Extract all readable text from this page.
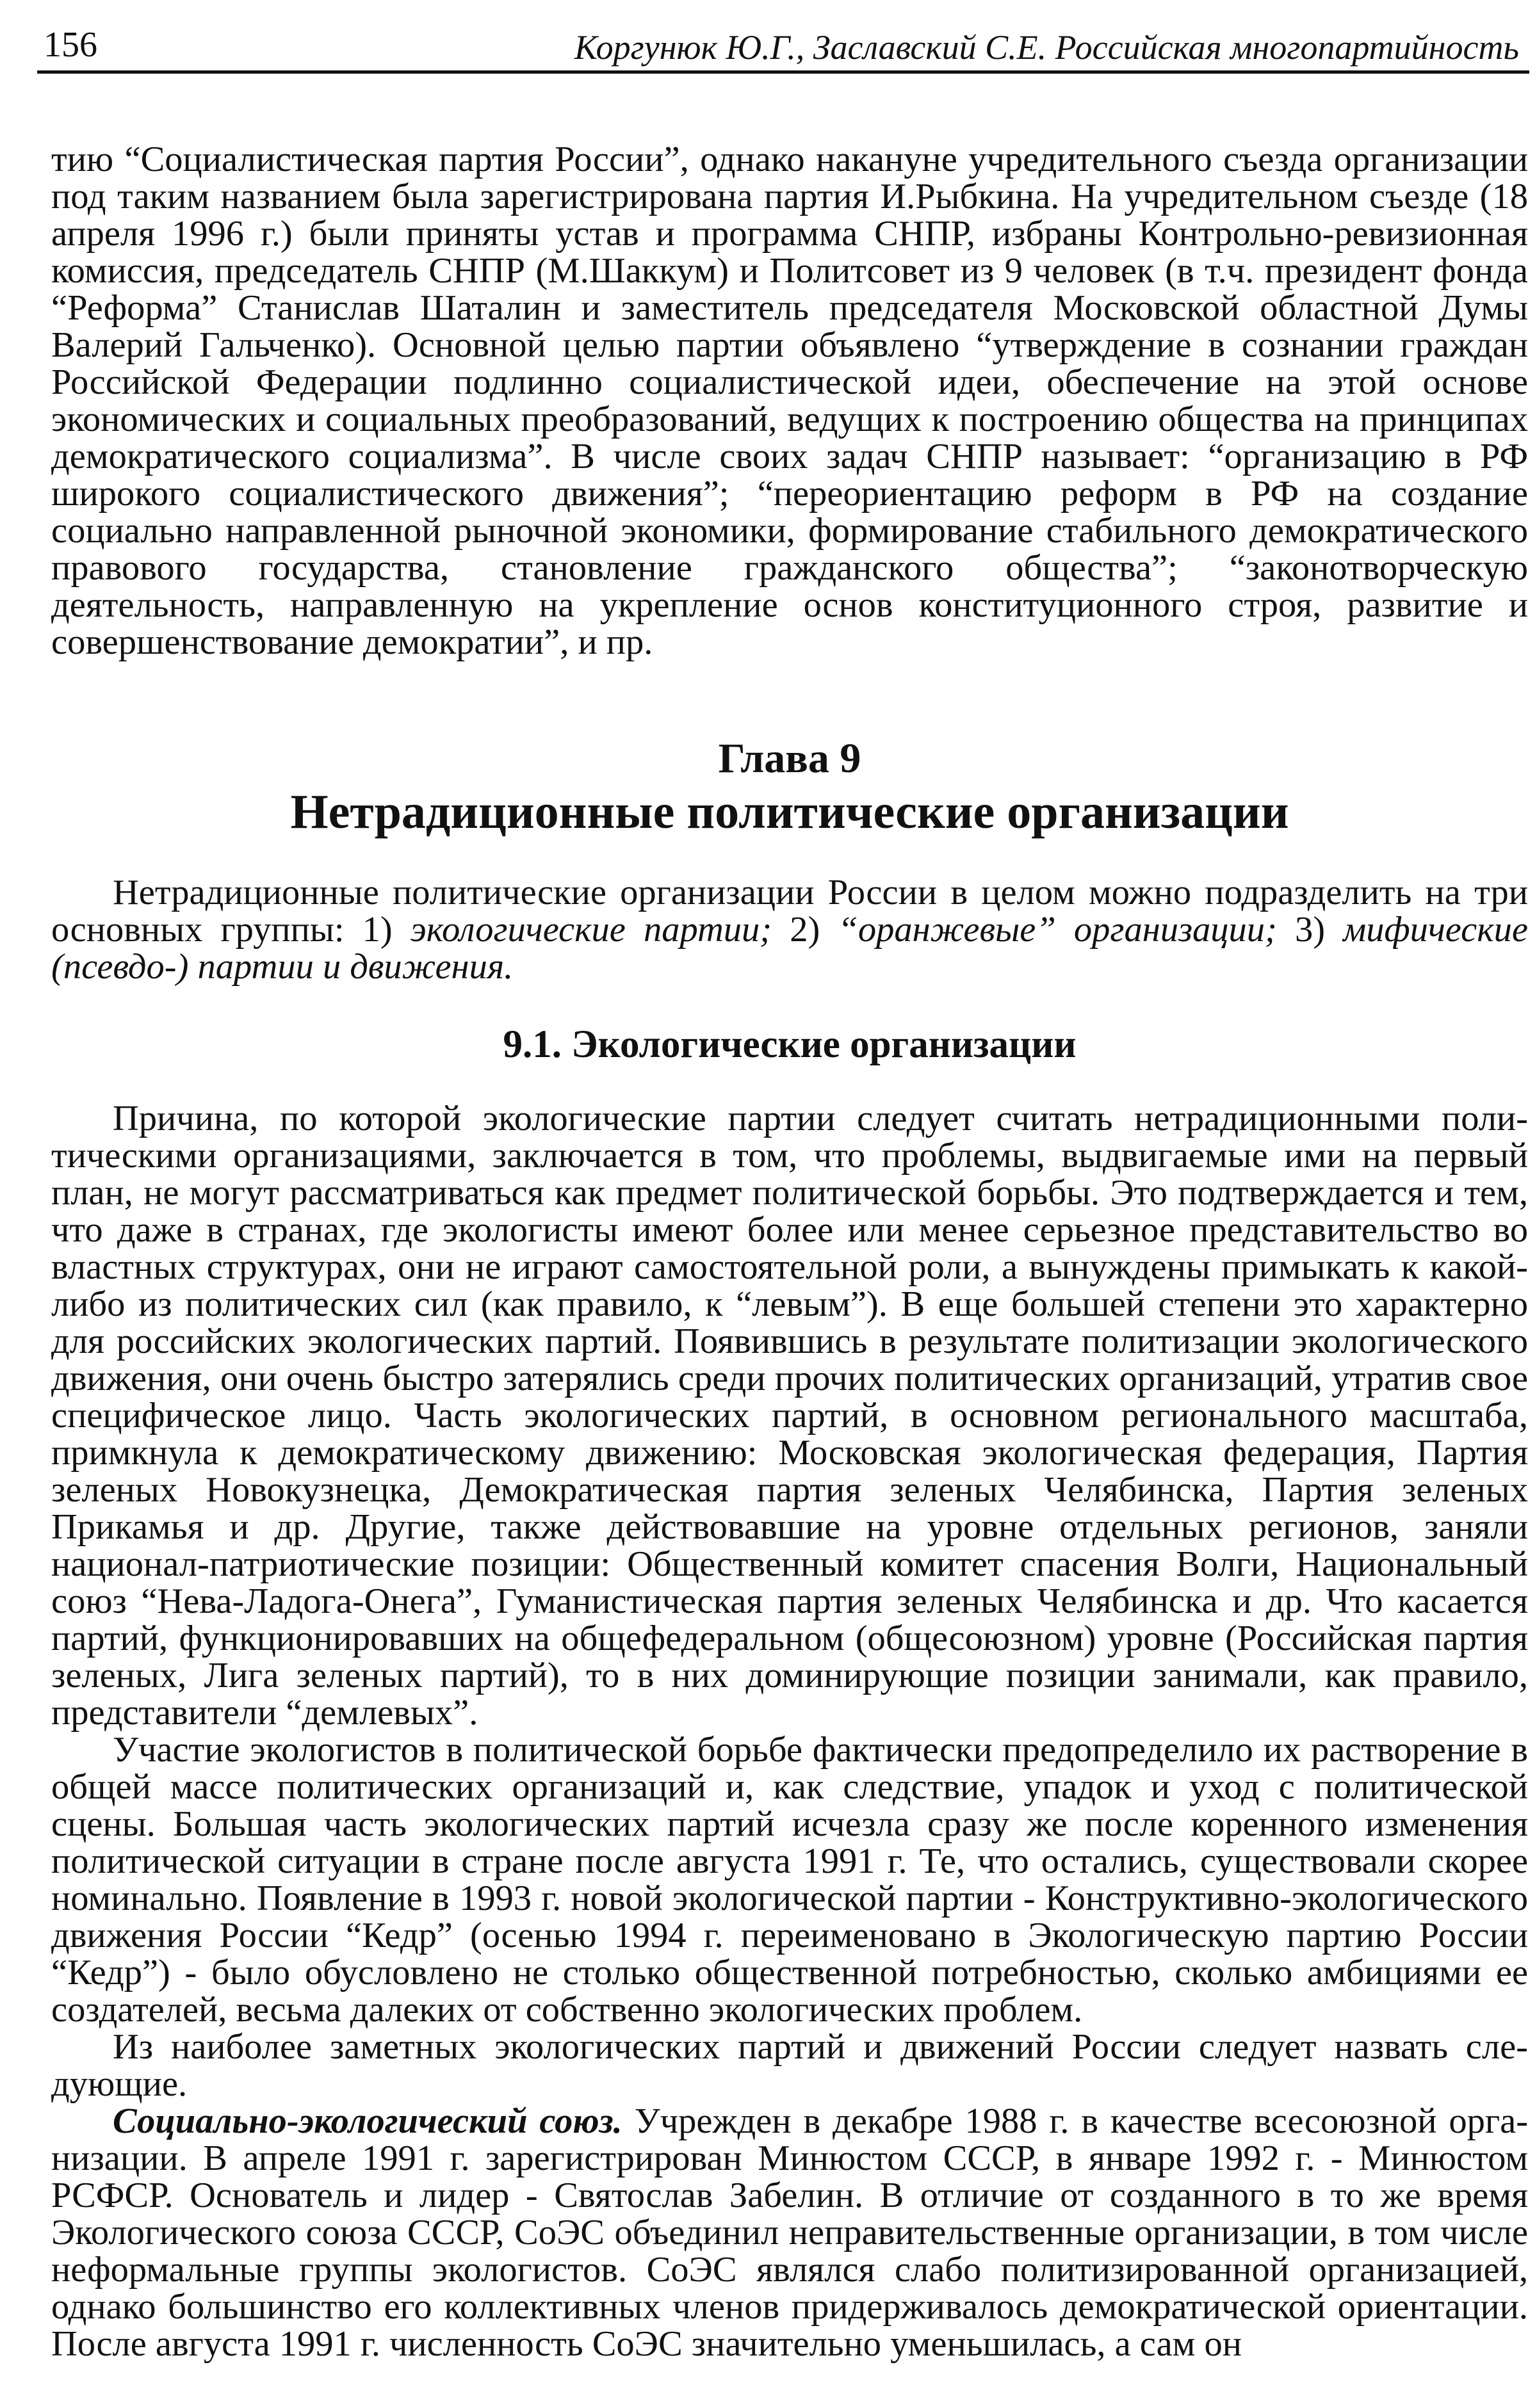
156	Коргунюк Ю.Г., Заславский С.Е. Российская многопартийность

тию “Социалистическая партия России”, однако накануне учредительного съезда организации под таким названием была зарегистрирована партия И.Рыбкина. На учредительном съезде (18 апреля 1996 г.) были приняты устав и программа СНПР, избраны Контрольно-ревизионная комиссия, председатель СНПР (М.Шаккум) и Политсовет из 9 человек (в т.ч. президент фонда “Реформа” Станислав Шаталин и заместитель председателя Московской областной Думы Валерий Гальченко). Основной целью партии объявлено “утверждение в сознании граждан Российской Федерации подлинно социалистической идеи, обеспечение на этой основе экономических и социальных преобразований, ведущих к построению общества на принципах демократического социализма”. В числе своих задач СНПР называет: “организацию в РФ широкого социалистического движения”; “переориентацию реформ в РФ на создание социально направленной рыночной экономики, формирование стабильного демократического правового государства, становление гражданского общества”; “законотворческую деятельность, направленную на укрепление основ конституционного строя, развитие и совершенствование демократии”, и пр.

Глава 9
Нетрадиционные политические организации

Нетрадиционные политические организации России в целом можно подразделить на три основных группы: 1) экологические партии; 2) “оранжевые” организации; 3) мифические (псевдо-) партии и движения.

9.1. Экологические организации

Причина, по которой экологические партии следует считать нетрадиционными политическими организациями, заключается в том, что проблемы, выдвигаемые ими на первый план, не могут рассматриваться как предмет политической борьбы. Это подтверждается и тем, что даже в странах, где экологисты имеют более или менее серьезное представительство во властных структурах, они не играют самостоятельной роли, а вынуждены примыкать к какой-либо из политических сил (как правило, к “левым”). В еще большей степени это характерно для российских экологических партий. Появившись в результате политизации экологического движения, они очень быстро затерялись среди прочих политических организаций, утратив свое специфическое лицо. Часть экологических партий, в основном регионального масштаба, примкнула к демократическому движению: Московская экологическая федерация, Партия зеленых Новокузнецка, Демократическая партия зеленых Челябинска, Партия зеленых Прикамья и др. Другие, также действовавшие на уровне отдельных регионов, заняли национал-патриотические позиции: Общественный комитет спасения Волги, Национальный союз “Нева-Ладога-Онега”, Гуманистическая партия зеленых Челябинска и др. Что касается партий, функционировавших на общефедеральном (общесоюзном) уровне (Российская партия зеленых, Лига зеленых партий), то в них доминирующие позиции занимали, как правило, представители “демлевых”.

Участие экологистов в политической борьбе фактически предопределило их растворение в общей массе политических организаций и, как следствие, упадок и уход с политической сцены. Большая часть экологических партий исчезла сразу же после коренного изменения политической ситуации в стране после августа 1991 г. Те, что остались, существовали скорее номинально. Появление в 1993 г. новой экологической партии - Конструктивно-экологического движения России “Кедр” (осенью 1994 г. переименовано в Экологическую партию России “Кедр”) - было обусловлено не столько общественной потребностью, сколько амбициями ее создателей, весьма далеких от собственно экологических проблем.

Из наиболее заметных экологических партий и движений России следует назвать следующие.

Социально-экологический союз. Учрежден в декабре 1988 г. в качестве всесоюзной организации. В апреле 1991 г. зарегистрирован Минюстом СССР, в январе 1992 г. - Минюстом РСФСР. Основатель и лидер - Святослав Забелин. В отличие от созданного в то же время Экологического союза СССР, СоЭС объединил неправительственные организации, в том числе неформальные группы экологистов. СоЭС являлся слабо политизированной организацией, однако большинство его коллективных членов придерживалось демократической ориентации. После августа 1991 г. численность СоЭС значительно уменьшилась, а сам он
